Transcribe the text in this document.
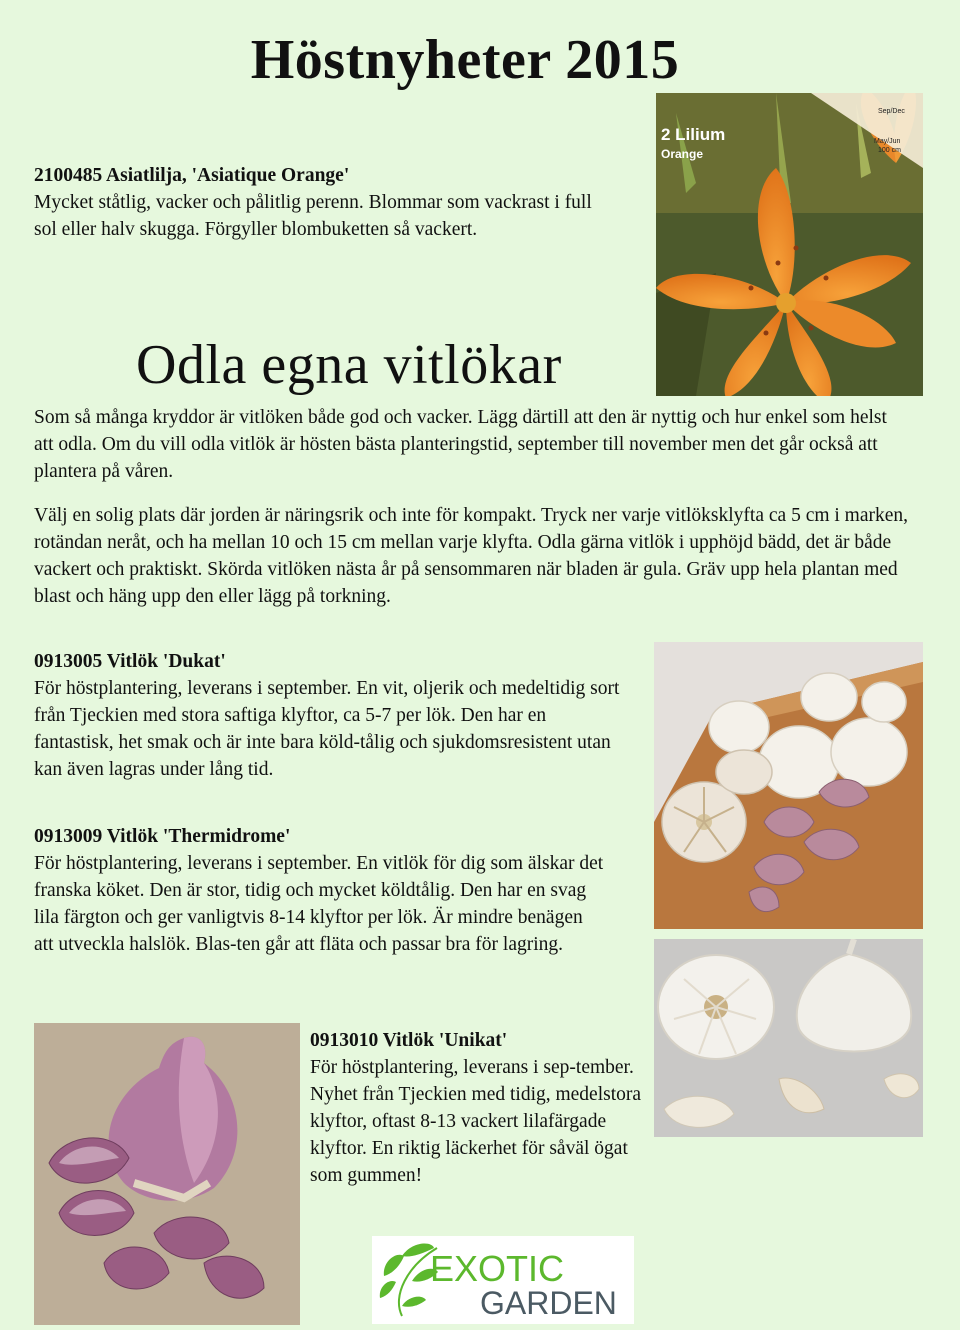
Höstnyheter 2015
2100485 Asiatlilja, 'Asiatique Orange'
Mycket ståtlig, vacker och pålitlig perenn. Blommar som vackrast i full sol eller halv skugga. Förgyller blombuketten så vackert.
2 Lilium
Orange
Sep/Dec
May/Jun
100 cm
Odla egna vitlökar
Som så många kryddor är vitlöken både god och vacker. Lägg därtill att den är nyttig och hur enkel som helst att odla. Om du vill odla vitlök är hösten bästa planteringstid, september till november men det går också att plantera på våren.
Välj en solig plats där jorden är näringsrik och inte för kompakt. Tryck ner varje vitlöksklyfta ca 5 cm i marken, rotändan neråt, och ha mellan 10 och 15 cm mellan varje klyfta. Odla gärna vitlök i upphöjd bädd, det är både vackert och praktiskt. Skörda vitlöken nästa år på sensommaren när bladen är gula. Gräv upp hela plantan med blast och häng upp den eller lägg på torkning.
0913005 Vitlök 'Dukat'
För höstplantering, leverans i september. En vit, oljerik och medeltidig sort från Tjeckien med stora saftiga klyftor, ca 5-7 per lök. Den har en fantastisk, het smak och är inte bara köld-tålig och sjukdomsresistent utan kan även lagras under lång tid.
0913009 Vitlök 'Thermidrome'
För höstplantering, leverans i september. En vitlök för dig som älskar det franska köket. Den är stor, tidig och mycket köldtålig. Den har en svag lila färgton och ger vanligtvis 8-14 klyftor per lök. Är mindre benägen att utveckla halslök. Blas-ten går att fläta och passar bra för lagring.
0913010 Vitlök 'Unikat'
För höstplantering, leverans i sep-tember. Nyhet från Tjeckien med tidig, medelstora klyftor, oftast 8-13 vackert lilafärgade klyftor. En riktig läckerhet för såväl ögat som gummen!
EXOTIC
GARDEN
